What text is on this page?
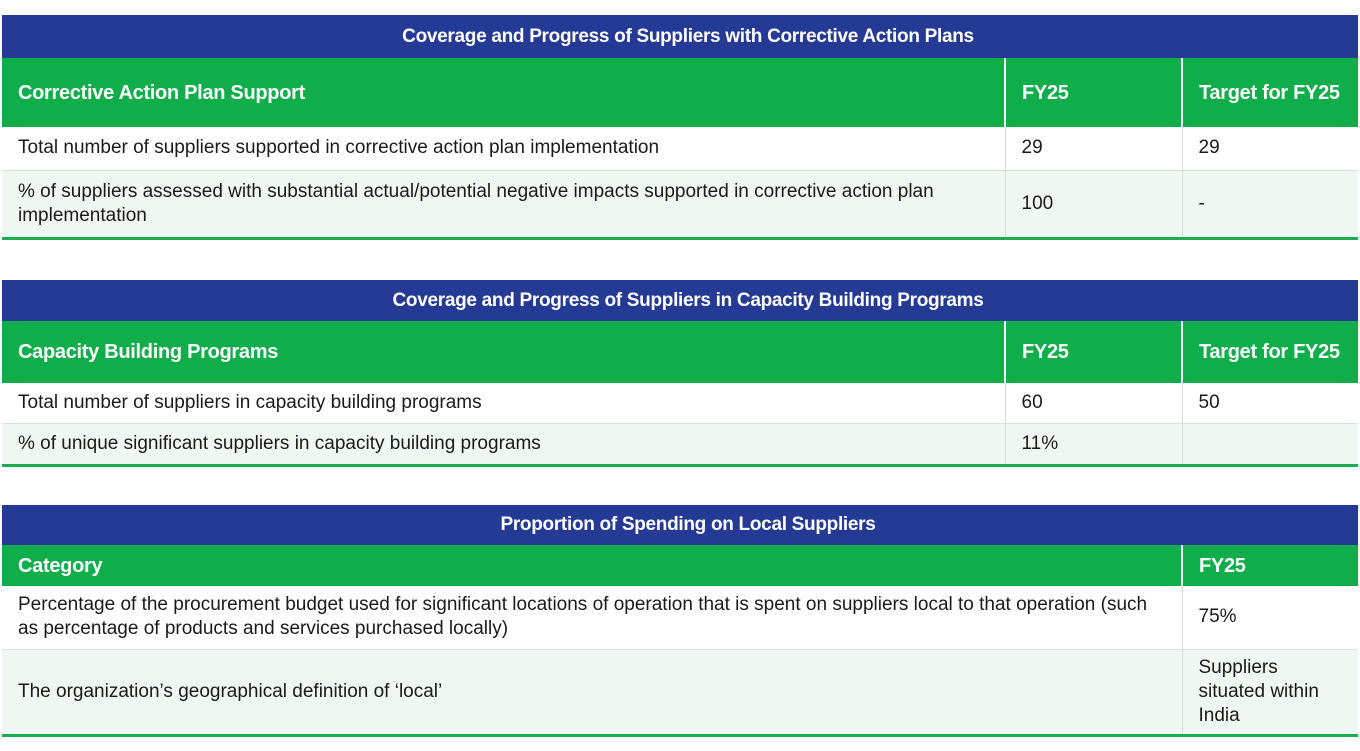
Coverage and Progress of Suppliers with Corrective Action Plans		
Corrective Action Plan Support	FY25	Target for FY25
Total number of suppliers supported in corrective action plan implementation	29	29
% of suppliers assessed with substantial actual/potential negative impacts supported in corrective action plan implementation	100	-
Coverage and Progress of Suppliers in Capacity Building Programs		
Capacity Building Programs	FY25	Target for FY25
Total number of suppliers in capacity building programs	60	50
% of unique significant suppliers in capacity building programs	11%	
Proportion of Spending on Local Suppliers	
Category	FY25
Percentage of the procurement budget used for significant locations of operation that is spent on suppliers local to that operation (such as percentage of products and services purchased locally)	75%
The organization’s geographical definition of ‘local’	Suppliers situated within India
